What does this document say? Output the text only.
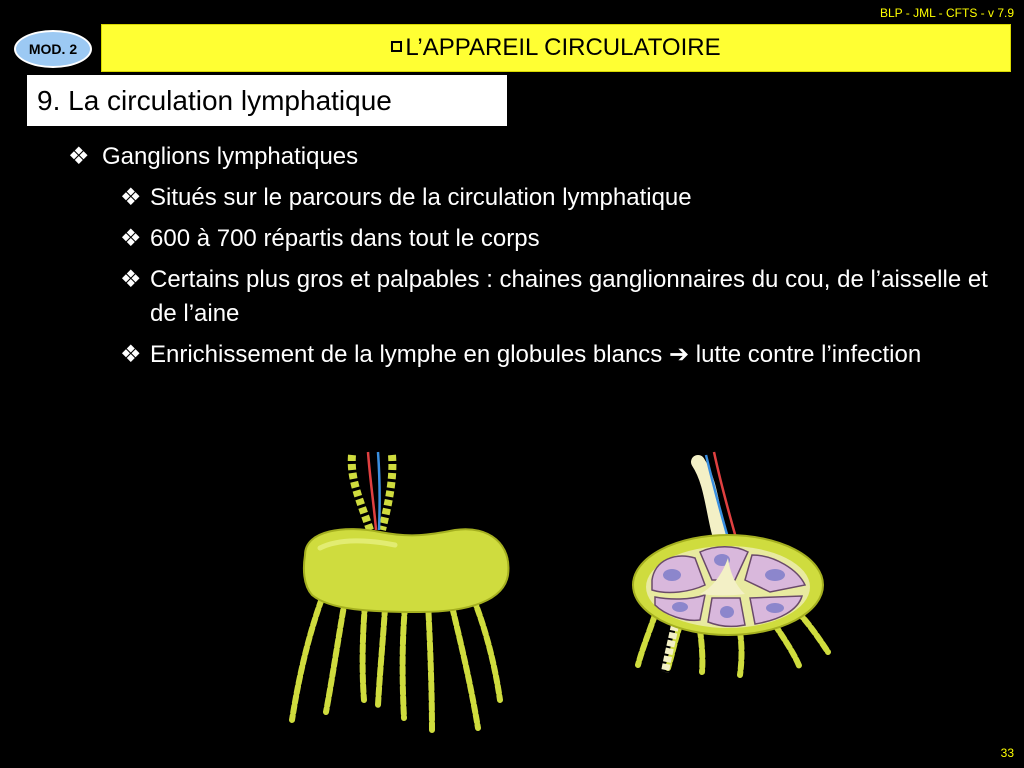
BLP - JML - CFTS - v 7.9
MOD. 2	L’APPAREIL CIRCULATOIRE
9. La circulation lymphatique
❖ Ganglions lymphatiques
❖ Situés sur le parcours de la circulation lymphatique
❖ 600 à 700 répartis dans tout le corps
❖ Certains plus gros et palpables : chaines ganglionnaires du cou, de l’aisselle et de l’aine
❖ Enrichissement de la lymphe en globules blancs ➔ lutte contre l’infection
33
